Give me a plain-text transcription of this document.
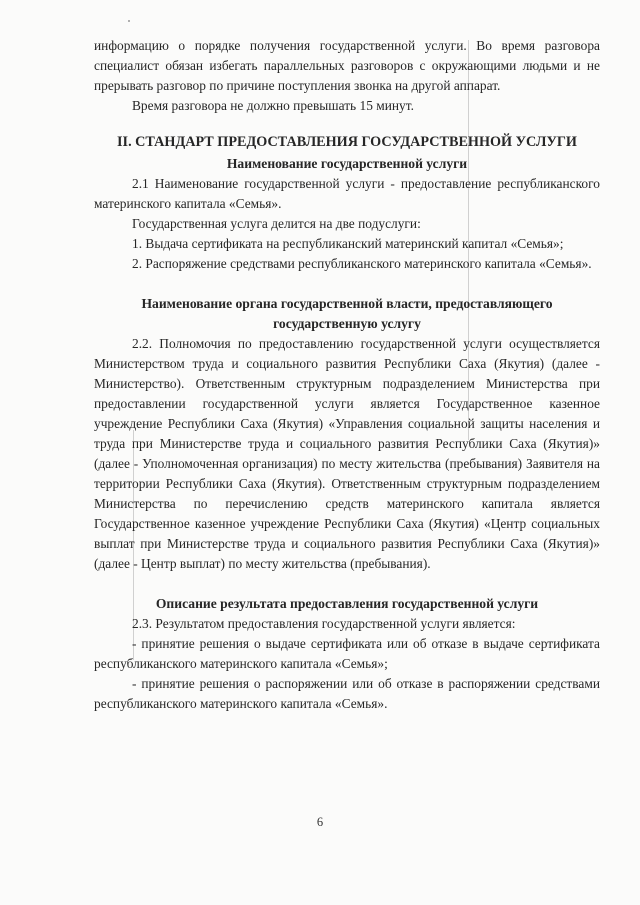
информацию о порядке получения государственной услуги. Во время разговора специалист обязан избегать параллельных разговоров с окружающими людьми и не прерывать разговор по причине поступления звонка на другой аппарат.

Время разговора не должно превышать 15 минут.

II. СТАНДАРТ ПРЕДОСТАВЛЕНИЯ ГОСУДАРСТВЕННОЙ УСЛУГИ

Наименование государственной услуги

2.1 Наименование государственной услуги - предоставление республиканского материнского капитала «Семья».

Государственная услуга делится на две подуслуги:

1. Выдача сертификата на республиканский материнский капитал «Семья»;

2. Распоряжение средствами республиканского материнского капитала «Семья».

Наименование органа государственной власти, предоставляющего государственную услугу

2.2. Полномочия по предоставлению государственной услуги осуществляется Министерством труда и социального развития Республики Саха (Якутия) (далее - Министерство). Ответственным структурным подразделением Министерства при предоставлении государственной услуги является Государственное казенное учреждение Республики Саха (Якутия) «Управления социальной защиты населения и труда при Министерстве труда и социального развития Республики Саха (Якутия)» (далее - Уполномоченная организация) по месту жительства (пребывания) Заявителя на территории Республики Саха (Якутия). Ответственным структурным подразделением Министерства по перечислению средств материнского капитала является Государственное казенное учреждение Республики Саха (Якутия) «Центр социальных выплат при Министерстве труда и социального развития Республики Саха (Якутия)» (далее - Центр выплат) по месту жительства (пребывания).

Описание результата предоставления государственной услуги

2.3. Результатом предоставления государственной услуги является:

- принятие решения о выдаче сертификата или об отказе в выдаче сертификата республиканского материнского капитала «Семья»;

- принятие решения о распоряжении или об отказе в распоряжении средствами республиканского материнского капитала «Семья».

6
